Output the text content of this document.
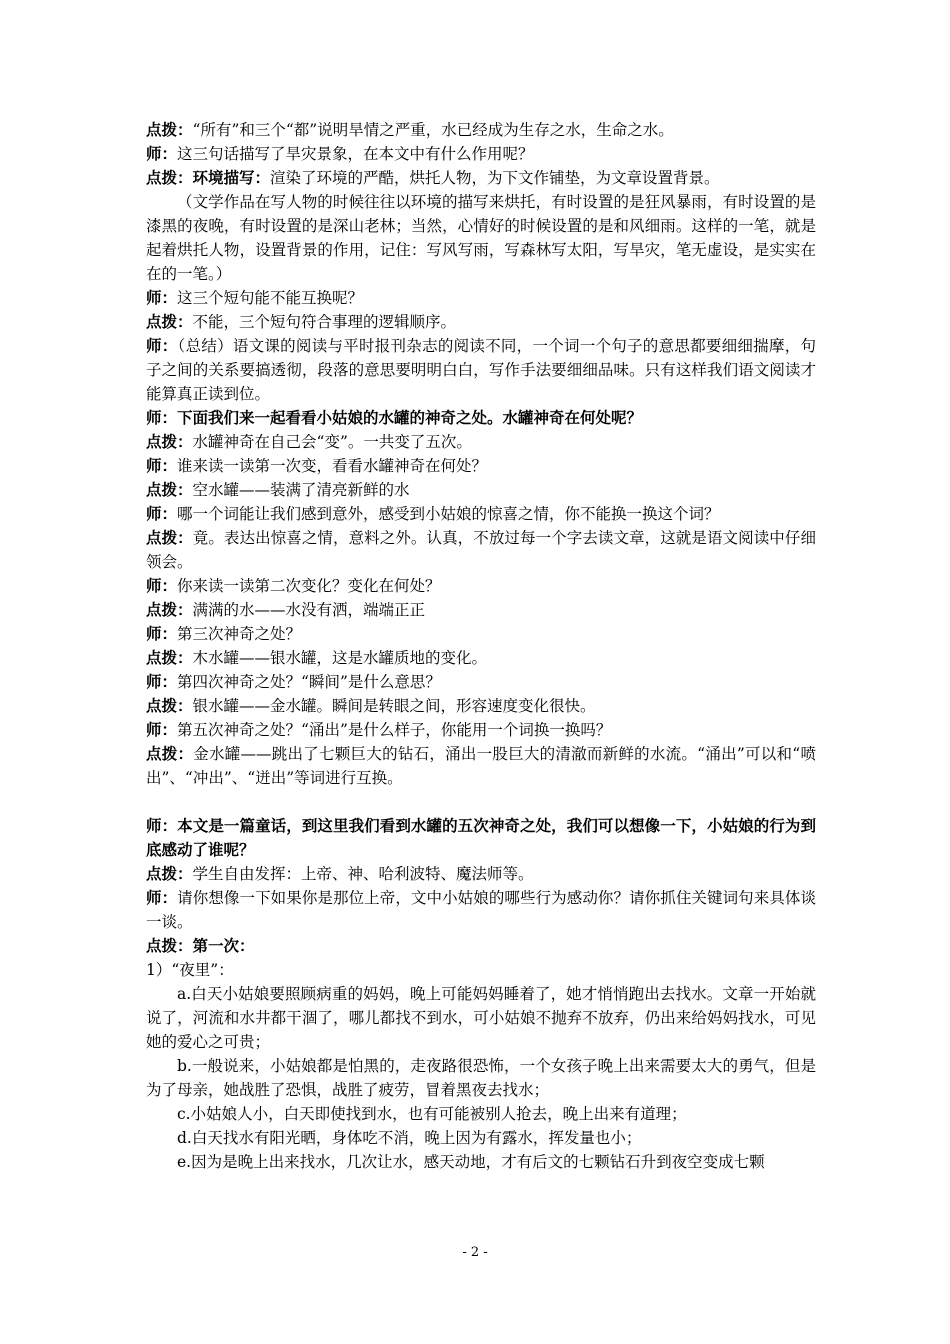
点拨：“所有”和三个“都”说明旱情之严重，水已经成为生存之水，生命之水。

师：这三句话描写了旱灾景象，在本文中有什么作用呢？

点拨：环境描写：渲染了环境的严酷，烘托人物，为下文作铺垫，为文章设置背景。

（文学作品在写人物的时候往往以环境的描写来烘托，有时设置的是狂风暴雨，有时设置的是漆黑的夜晚，有时设置的是深山老林；当然，心情好的时候设置的是和风细雨。这样的一笔，就是起着烘托人物，设置背景的作用，记住：写风写雨，写森林写太阳，写旱灾，笔无虚设，是实实在在的一笔。）

师：这三个短句能不能互换呢？

点拨：不能，三个短句符合事理的逻辑顺序。

师：（总结）语文课的阅读与平时报刊杂志的阅读不同，一个词一个句子的意思都要细细揣摩，句子之间的关系要搞透彻，段落的意思要明明白白，写作手法要细细品味。只有这样我们语文阅读才能算真正读到位。

师：下面我们来一起看看小姑娘的水罐的神奇之处。水罐神奇在何处呢？

点拨：水罐神奇在自己会“变”。一共变了五次。

师：谁来读一读第一次变，看看水罐神奇在何处？

点拨：空水罐——装满了清亮新鲜的水

师：哪一个词能让我们感到意外，感受到小姑娘的惊喜之情，你不能换一换这个词？

点拨：竟。表达出惊喜之情，意料之外。认真，不放过每一个字去读文章，这就是语文阅读中仔细领会。

师：你来读一读第二次变化？变化在何处？

点拨：满满的水——水没有洒，端端正正

师：第三次神奇之处？

点拨：木水罐——银水罐，这是水罐质地的变化。

师：第四次神奇之处？“瞬间”是什么意思？

点拨：银水罐——金水罐。瞬间是转眼之间，形容速度变化很快。

师：第五次神奇之处？“涌出”是什么样子，你能用一个词换一换吗？

点拨：金水罐——跳出了七颗巨大的钻石，涌出一股巨大的清澈而新鲜的水流。“涌出”可以和“喷出”、“冲出”、“迸出”等词进行互换。

师：本文是一篇童话，到这里我们看到水罐的五次神奇之处，我们可以想像一下，小姑娘的行为到底感动了谁呢？

点拨：学生自由发挥：上帝、神、哈利波特、魔法师等。

师：请你想像一下如果你是那位上帝，文中小姑娘的哪些行为感动你？请你抓住关键词句来具体谈一谈。

点拨：第一次：

1）“夜里”：

a.白天小姑娘要照顾病重的妈妈，晚上可能妈妈睡着了，她才悄悄跑出去找水。文章一开始就说了，河流和水井都干涸了，哪儿都找不到水，可小姑娘不抛弃不放弃，仍出来给妈妈找水，可见她的爱心之可贵；

b.一般说来，小姑娘都是怕黑的，走夜路很恐怖，一个女孩子晚上出来需要太大的勇气，但是为了母亲，她战胜了恐惧，战胜了疲劳，冒着黑夜去找水；

c.小姑娘人小，白天即使找到水，也有可能被别人抢去，晚上出来有道理；

d.白天找水有阳光晒，身体吃不消，晚上因为有露水，挥发量也小；

e.因为是晚上出来找水，几次让水，感天动地，才有后文的七颗钻石升到夜空变成七颗

- 2 -
